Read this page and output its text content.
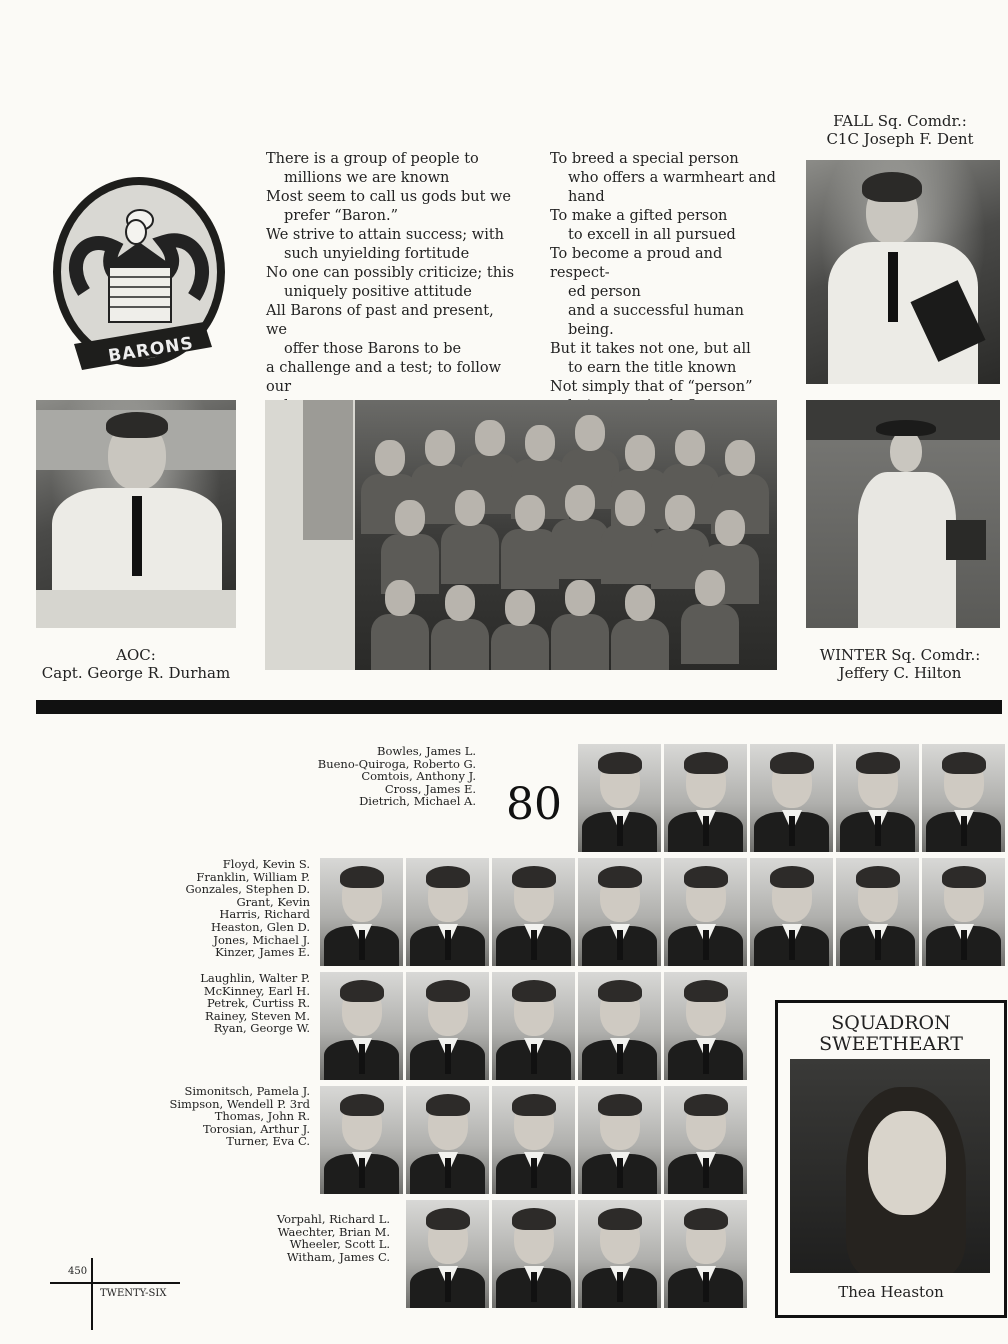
BARONS

There is a group of people to

millions we are known

Most seem to call us gods but we

prefer “Baron.”

We strive to attain success; with

such unyielding fortitude

No one can possibly criticize; this

uniquely positive attitude

All Barons of past and present, we

offer those Barons to be

a challenge and a test; to follow our

To breed a special person

who offers a warmheart and

hand

To make a gifted person

to excell in all pursued

To become a proud and respect-

ed person

and a successful human being.

But it takes not one, but all

to earn the title known

Not simply that of “person”

FALL Sq. Comdr.:
C1C Joseph F. Dent
AOC:
Capt. George R. Durham
WINTER Sq. Comdr.:
Jeffery C. Hilton
Bowles, James L.
Bueno-Quiroga, Roberto G.
Comtois, Anthony J.
Cross, James E.
Dietrich, Michael A.
Floyd, Kevin S.
Franklin, William P.
Gonzales, Stephen D.
Grant, Kevin
Harris, Richard
Heaston, Glen D.
Jones, Michael J.
Kinzer, James E.
Laughlin, Walter P.
McKinney, Earl H.
Petrek, Curtiss R.
Rainey, Steven M.
Ryan, George W.
Simonitsch, Pamela J.
Simpson, Wendell P. 3rd
Thomas, John R.
Torosian, Arthur J.
Turner, Eva C.
Vorpahl, Richard L.
Waechter, Brian M.
Wheeler, Scott L.
Witham, James C.
80
SQUADRON
SWEETHEART
Thea Heaston
450
TWENTY-SIX
